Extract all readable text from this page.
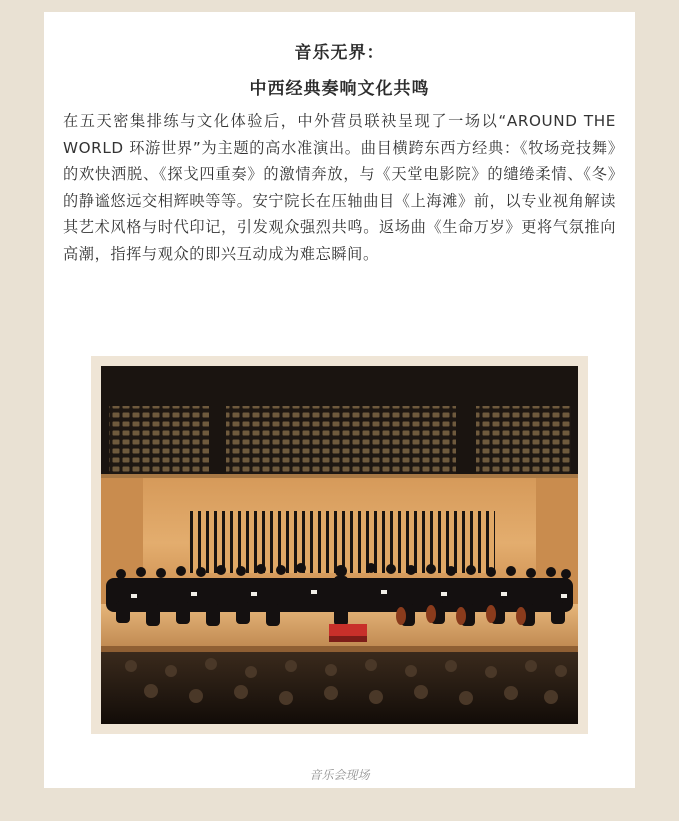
音乐无界：
中西经典奏响文化共鸣

在五天密集排练与文化体验后，中外营员联袂呈现了一场以“AROUND THE WORLD 环游世界”为主题的高水准演出。曲目横跨东西方经典：《牧场竞技舞》的欢快洒脱、《探戈四重奏》的激情奔放，与《天堂电影院》的缱绻柔情、《冬》的静谧悠远交相辉映等等。安宁院长在压轴曲目《上海滩》前，以专业视角解读其艺术风格与时代印记，引发观众强烈共鸣。返场曲《生命万岁》更将气氛推向高潮，指挥与观众的即兴互动成为难忘瞬间。

音乐会现场
